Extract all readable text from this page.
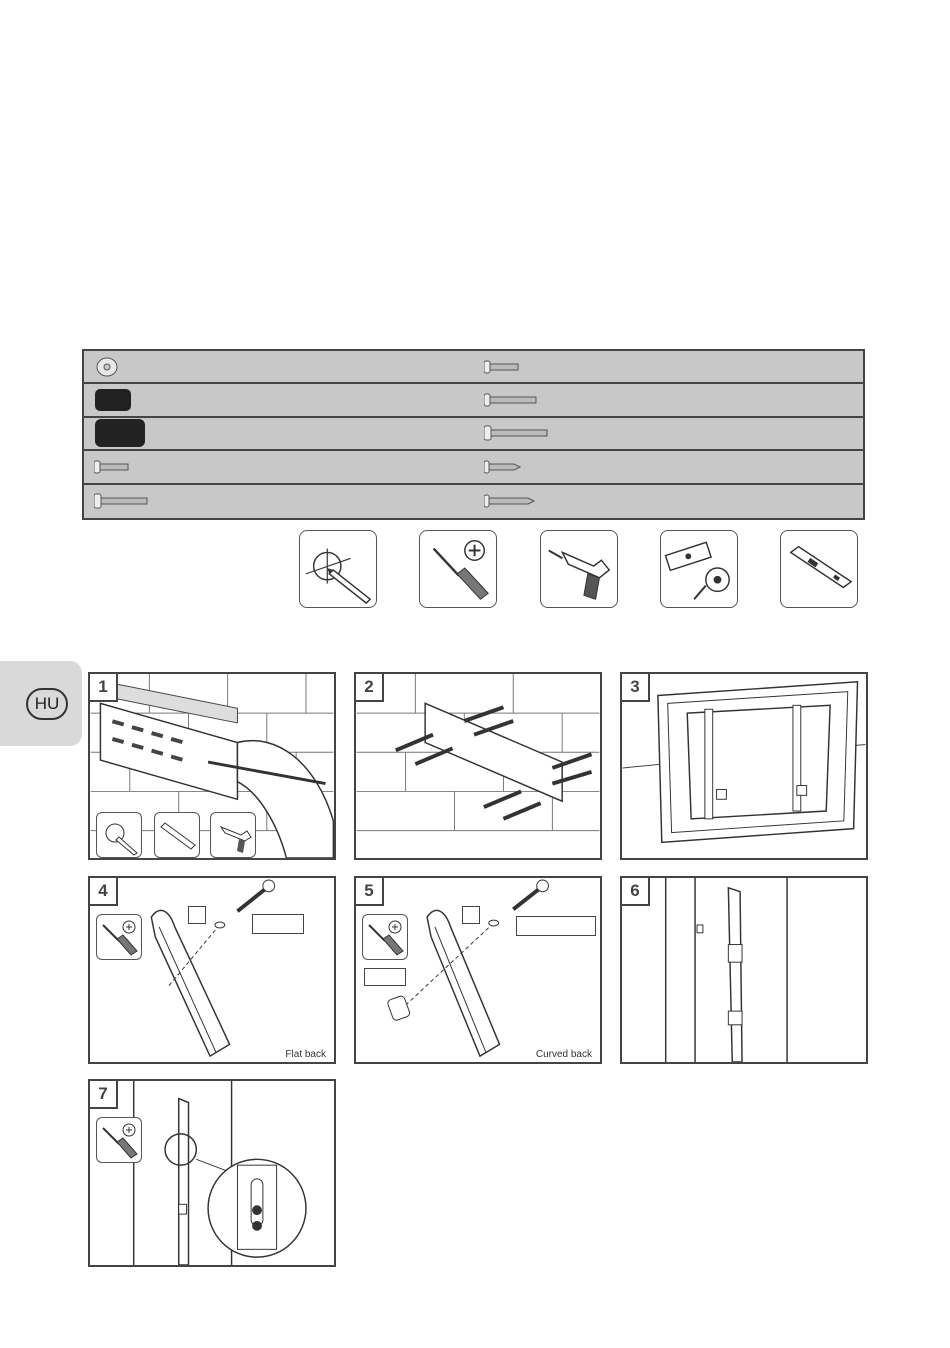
HU
1	2	3
Flat back
4
Curved back
5	6
7
